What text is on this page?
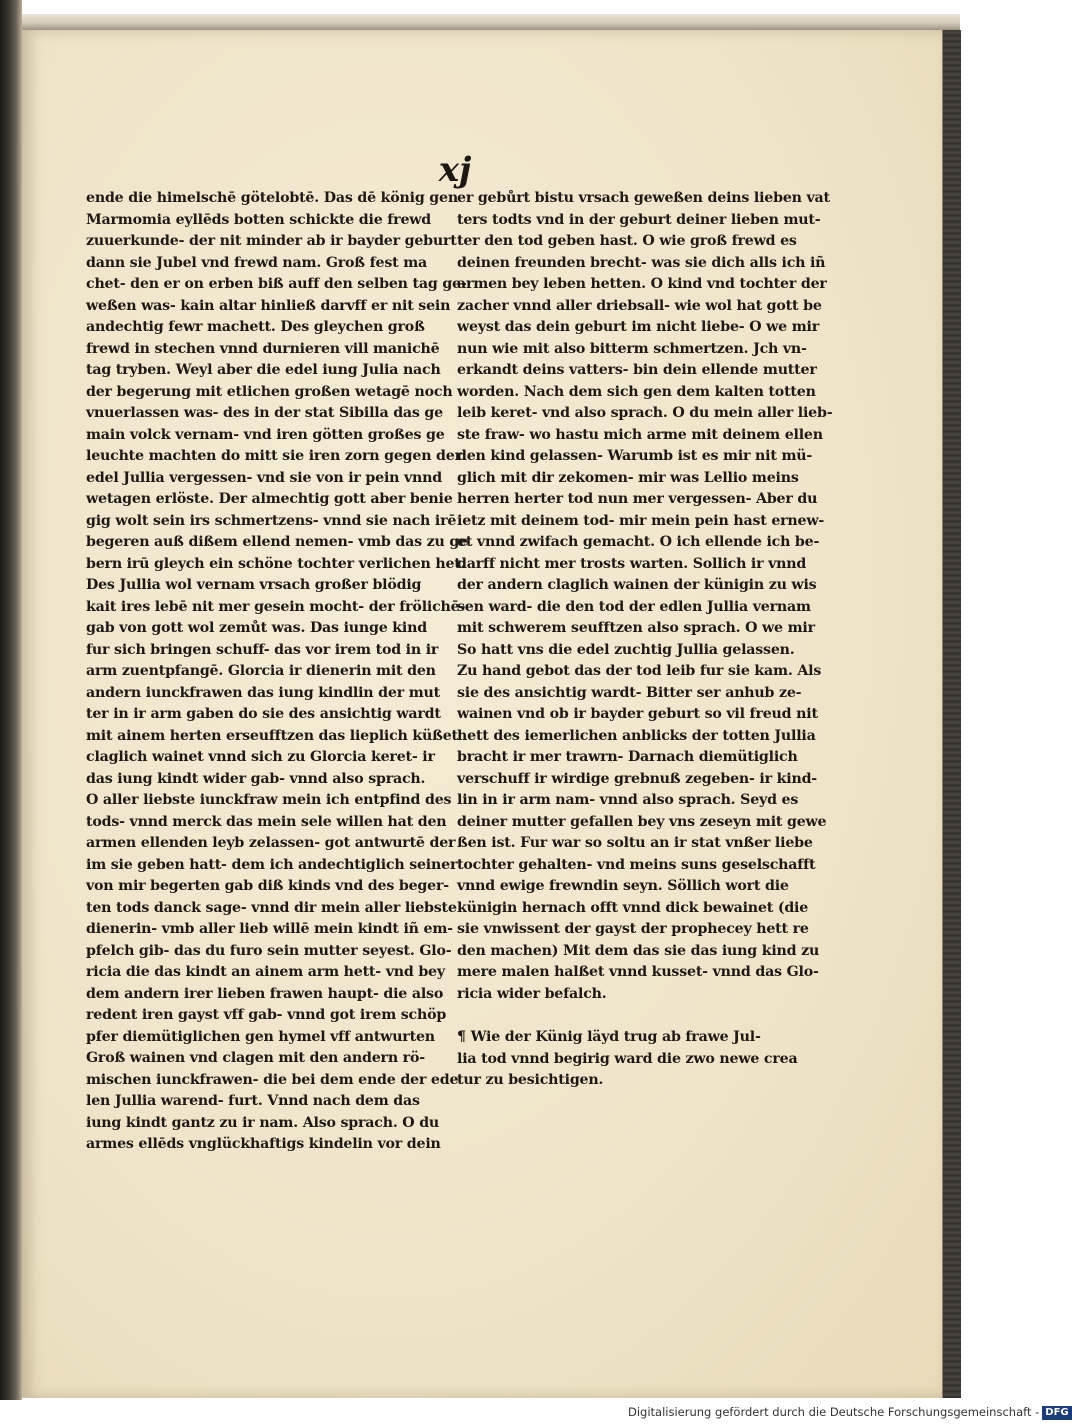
xj
ende die himelschē götelobtē. Das dē könig gen
Marmomia eyllēds botten schickte die frewd
zuuerkunde- der nit minder ab ir bayder geburt
dann sie Jubel vnd frewd nam. Groß fest ma
chet- den er on erben biß auff den selben tag ge-
weßen was- kain altar hinließ darvff er nit sein
andechtig fewr machett. Des gleychen groß
frewd in stechen vnnd durnieren vill manichē
tag tryben. Weyl aber die edel iung Julia nach
der begerung mit etlichen großen wetagē noch
vnuerlassen was- des in der stat Sibilla das ge
main volck vernam- vnd iren götten großes ge
leuchte machten do mitt sie iren zorn gegen der
edel Jullia vergessen- vnd sie von ir pein vnnd
wetagen erlöste. Der almechtig gott aber benie
gig wolt sein irs schmertzens- vnnd sie nach irē
begeren auß dißem ellend nemen- vmb das zu ge
bern irū gleych ein schöne tochter verlichen het.
Des Jullia wol vernam vrsach großer blödig
kait ires lebē nit mer gesein mocht- der frölichē-
gab von gott wol zemůt was. Das iunge kind
fur sich bringen schuff- das vor irem tod in ir
arm zuentpfangē. Glorcia ir dienerin mit den
andern iunckfrawen das iung kindlin der mut
ter in ir arm gaben do sie des ansichtig wardt
mit ainem herten erseufftzen das lieplich küßet
claglich wainet vnnd sich zu Glorcia keret- ir
das iung kindt wider gab- vnnd also sprach.
O aller liebste iunckfraw mein ich entpfind des
tods- vnnd merck das mein sele willen hat den
armen ellenden leyb zelassen- got antwurtē der
im sie geben hatt- dem ich andechtiglich seiner
von mir begerten gab diß kinds vnd des beger-
ten tods danck sage- vnnd dir mein aller liebste
dienerin- vmb aller lieb willē mein kindt iñ em-
pfelch gib- das du furo sein mutter seyest. Glo-
ricia die das kindt an ainem arm hett- vnd bey
dem andern irer lieben frawen haupt- die also
redent iren gayst vff gab- vnnd got irem schöp
pfer diemütiglichen gen hymel vff antwurten
Groß wainen vnd clagen mit den andern rö-
mischen iunckfrawen- die bei dem ende der ede
len Jullia warend- furt. Vnnd nach dem das
iung kindt gantz zu ir nam. Also sprach. O du
armes ellēds vnglückhaftigs kindelin vor dein
er gebůrt bistu vrsach geweßen deins lieben vat
ters todts vnd in der geburt deiner lieben mut-
ter den tod geben hast. O wie groß frewd es
deinen freunden brecht- was sie dich alls ich iñ
armen bey leben hetten. O kind vnd tochter der
zacher vnnd aller driebsall- wie wol hat gott be
weyst das dein geburt im nicht liebe- O we mir
nun wie mit also bitterm schmertzen. Jch vn-
erkandt deins vatters- bin dein ellende mutter
worden. Nach dem sich gen dem kalten totten
leib keret- vnd also sprach. O du mein aller lieb-
ste fraw- wo hastu mich arme mit deinem ellen
den kind gelassen- Warumb ist es mir nit mü-
glich mit dir zekomen- mir was Lellio meins
herren herter tod nun mer vergessen- Aber du
ietz mit deinem tod- mir mein pein hast ernew-
et vnnd zwifach gemacht. O ich ellende ich be-
darff nicht mer trosts warten. Sollich ir vnnd
der andern claglich wainen der künigin zu wis
sen ward- die den tod der edlen Jullia vernam
mit schwerem seufftzen also sprach. O we mir
So hatt vns die edel zuchtig Jullia gelassen.
Zu hand gebot das der tod leib fur sie kam. Als
sie des ansichtig wardt- Bitter ser anhub ze-
wainen vnd ob ir bayder geburt so vil freud nit
hett des iemerlichen anblicks der totten Jullia
bracht ir mer trawrn- Darnach diemütiglich
verschuff ir wirdige grebnuß zegeben- ir kind-
lin in ir arm nam- vnnd also sprach. Seyd es
deiner mutter gefallen bey vns zeseyn mit gewe
ßen ist. Fur war so soltu an ir stat vnßer liebe
tochter gehalten- vnd meins suns geselschafft
vnnd ewige frewndin seyn. Söllich wort die
künigin hernach offt vnnd dick bewainet (die
sie vnwissent der gayst der prophecey hett re
den machen) Mit dem das sie das iung kind zu
mere malen halßet vnnd kusset- vnnd das Glo-
ricia wider befalch.
¶ Wie der Künig läyd trug ab frawe Jul-
lia tod vnnd begirig ward die zwo newe crea
tur zu besichtigen.
Digitalisierung gefördert durch die Deutsche Forschungsgemeinschaft - DFG
